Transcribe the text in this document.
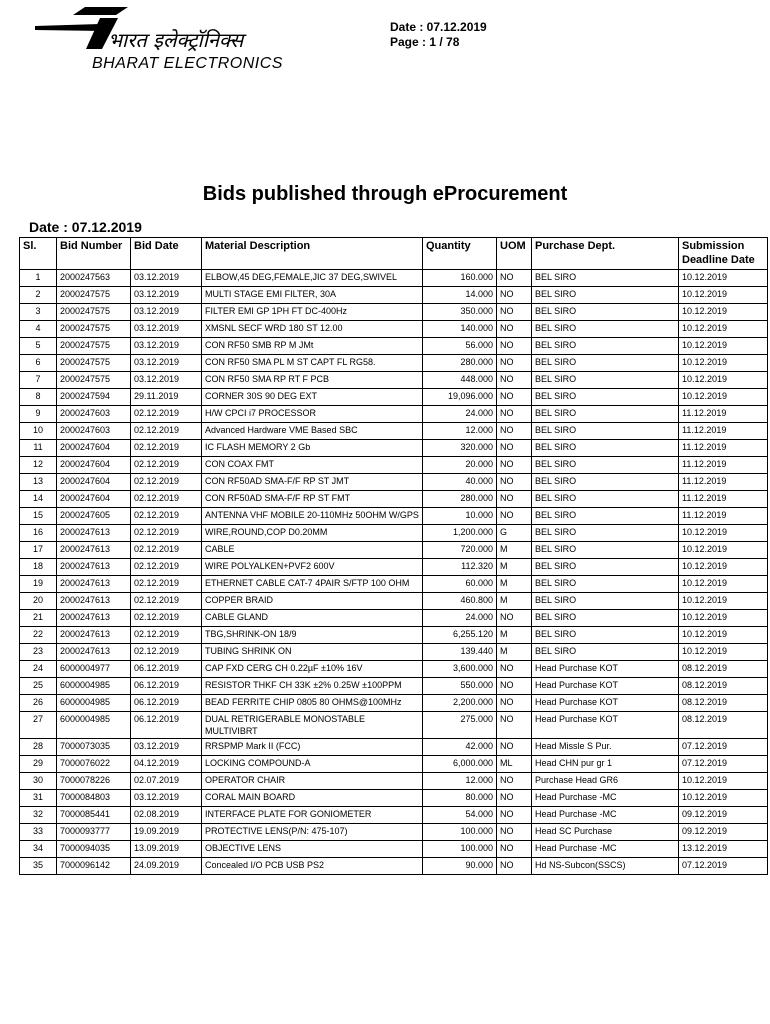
भारत इलेक्ट्रॉनिक्स
BHARAT ELECTRONICS
Date : 07.12.2019
Page : 1 / 78
Bids published through eProcurement
Date : 07.12.2019
Sl.	Bid Number	Bid Date	Material Description	Quantity	UOM	Purchase Dept.	Submission Deadline Date
1	2000247563	03.12.2019	ELBOW,45 DEG,FEMALE,JIC 37 DEG,SWIVEL	160.000	NO	BEL SIRO	10.12.2019
2	2000247575	03.12.2019	MULTI STAGE EMI FILTER, 30A	14.000	NO	BEL SIRO	10.12.2019
3	2000247575	03.12.2019	FILTER EMI GP 1PH FT DC-400Hz	350.000	NO	BEL SIRO	10.12.2019
4	2000247575	03.12.2019	XMSNL SECF WRD 180 ST 12.00	140.000	NO	BEL SIRO	10.12.2019
5	2000247575	03.12.2019	CON RF50 SMB RP M JMt	56.000	NO	BEL SIRO	10.12.2019
6	2000247575	03.12.2019	CON RF50 SMA PL M ST CAPT FL RG58.	280.000	NO	BEL SIRO	10.12.2019
7	2000247575	03.12.2019	CON RF50 SMA RP RT F PCB	448.000	NO	BEL SIRO	10.12.2019
8	2000247594	29.11.2019	CORNER 30S 90 DEG EXT	19,096.000	NO	BEL SIRO	10.12.2019
9	2000247603	02.12.2019	H/W CPCI i7 PROCESSOR	24.000	NO	BEL SIRO	11.12.2019
10	2000247603	02.12.2019	Advanced Hardware VME Based SBC	12.000	NO	BEL SIRO	11.12.2019
11	2000247604	02.12.2019	IC FLASH MEMORY 2 Gb	320.000	NO	BEL SIRO	11.12.2019
12	2000247604	02.12.2019	CON COAX FMT	20.000	NO	BEL SIRO	11.12.2019
13	2000247604	02.12.2019	CON RF50AD SMA-F/F RP ST JMT	40.000	NO	BEL SIRO	11.12.2019
14	2000247604	02.12.2019	CON RF50AD SMA-F/F RP ST FMT	280.000	NO	BEL SIRO	11.12.2019
15	2000247605	02.12.2019	ANTENNA VHF MOBILE 20-110MHz 50OHM W/GPS	10.000	NO	BEL SIRO	11.12.2019
16	2000247613	02.12.2019	WIRE,ROUND,COP D0.20MM	1,200.000	G	BEL SIRO	10.12.2019
17	2000247613	02.12.2019	CABLE	720.000	M	BEL SIRO	10.12.2019
18	2000247613	02.12.2019	WIRE POLYALKEN+PVF2 600V	112.320	M	BEL SIRO	10.12.2019
19	2000247613	02.12.2019	ETHERNET CABLE CAT-7 4PAIR S/FTP 100 OHM	60.000	M	BEL SIRO	10.12.2019
20	2000247613	02.12.2019	COPPER BRAID	460.800	M	BEL SIRO	10.12.2019
21	2000247613	02.12.2019	CABLE GLAND	24.000	NO	BEL SIRO	10.12.2019
22	2000247613	02.12.2019	TBG,SHRINK-ON 18/9	6,255.120	M	BEL SIRO	10.12.2019
23	2000247613	02.12.2019	TUBING SHRINK ON	139.440	M	BEL SIRO	10.12.2019
24	6000004977	06.12.2019	CAP FXD CERG CH 0.22µF ±10% 16V	3,600.000	NO	Head Purchase KOT	08.12.2019
25	6000004985	06.12.2019	RESISTOR THKF CH 33K ±2% 0.25W ±100PPM	550.000	NO	Head Purchase KOT	08.12.2019
26	6000004985	06.12.2019	BEAD FERRITE CHIP 0805 80 OHMS@100MHz	2,200.000	NO	Head Purchase KOT	08.12.2019
27	6000004985	06.12.2019	DUAL RETRIGERABLE MONOSTABLE MULTIVIBRT	275.000	NO	Head Purchase KOT	08.12.2019
28	7000073035	03.12.2019	RRSPMP Mark II (FCC)	42.000	NO	Head Missle S Pur.	07.12.2019
29	7000076022	04.12.2019	LOCKING COMPOUND-A	6,000.000	ML	Head CHN pur gr 1	07.12.2019
30	7000078226	02.07.2019	OPERATOR CHAIR	12.000	NO	Purchase Head GR6	10.12.2019
31	7000084803	03.12.2019	CORAL MAIN BOARD	80.000	NO	Head Purchase -MC	10.12.2019
32	7000085441	02.08.2019	INTERFACE PLATE FOR GONIOMETER	54.000	NO	Head Purchase -MC	09.12.2019
33	7000093777	19.09.2019	PROTECTIVE LENS(P/N: 475-107)	100.000	NO	Head SC Purchase	09.12.2019
34	7000094035	13.09.2019	OBJECTIVE LENS	100.000	NO	Head Purchase -MC	13.12.2019
35	7000096142	24.09.2019	Concealed I/O PCB USB PS2	90.000	NO	Hd NS-Subcon(SSCS)	07.12.2019
